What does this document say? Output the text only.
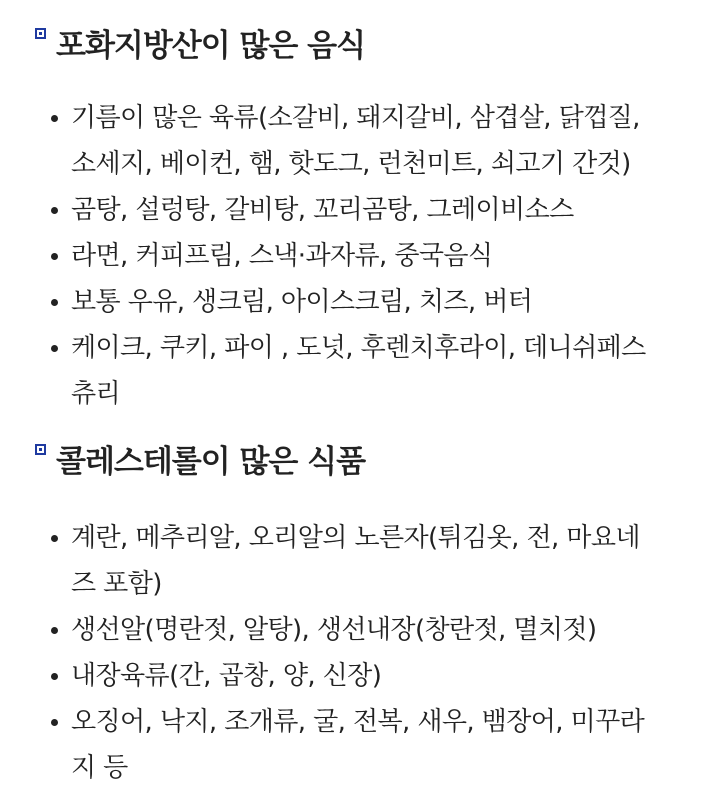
포화지방산이 많은 음식
기름이 많은 육류(소갈비, 돼지갈비, 삼겹살, 닭껍질,
소세지, 베이컨, 햄, 핫도그, 런천미트, 쇠고기 간것)
곰탕, 설렁탕, 갈비탕, 꼬리곰탕, 그레이비소스
라면, 커피프림, 스낵·과자류, 중국음식
보통 우유, 생크림, 아이스크림, 치즈, 버터
케이크, 쿠키, 파이 , 도넛, 후렌치후라이, 데니쉬페스
츄리
콜레스테롤이 많은 식품
계란, 메추리알, 오리알의 노른자(튀김옷, 전, 마요네
즈 포함)
생선알(명란젓, 알탕), 생선내장(창란젓, 멸치젓)
내장육류(간, 곱창, 양, 신장)
오징어, 낙지, 조개류, 굴, 전복, 새우, 뱀장어, 미꾸라
지 등
